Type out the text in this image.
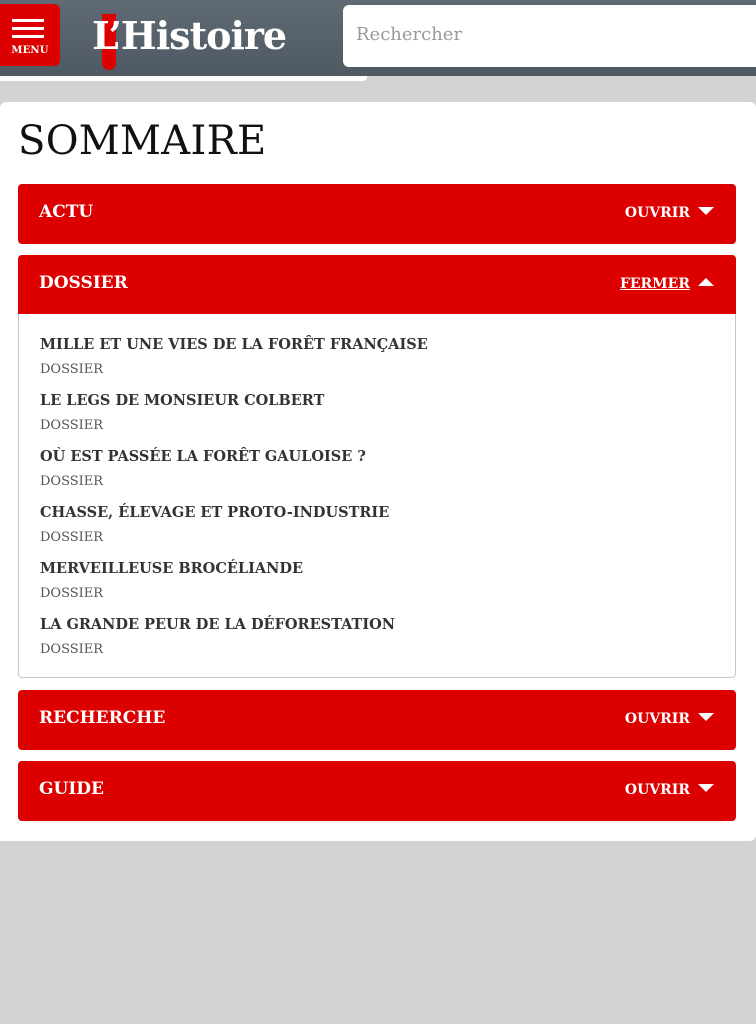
MENU L’Histoire	Rechercher
SOMMAIRE
ACTU	OUVRIR
DOSSIER	FERMER
MILLE ET UNE VIES DE LA FORÊT FRANÇAISE
DOSSIER
LE LEGS DE MONSIEUR COLBERT
DOSSIER
OÙ EST PASSÉE LA FORÊT GAULOISE ?
DOSSIER
CHASSE, ÉLEVAGE ET PROTO-INDUSTRIE
DOSSIER
MERVEILLEUSE BROCÉLIANDE
DOSSIER
LA GRANDE PEUR DE LA DÉFORESTATION
DOSSIER
RECHERCHE	OUVRIR
GUIDE	OUVRIR
